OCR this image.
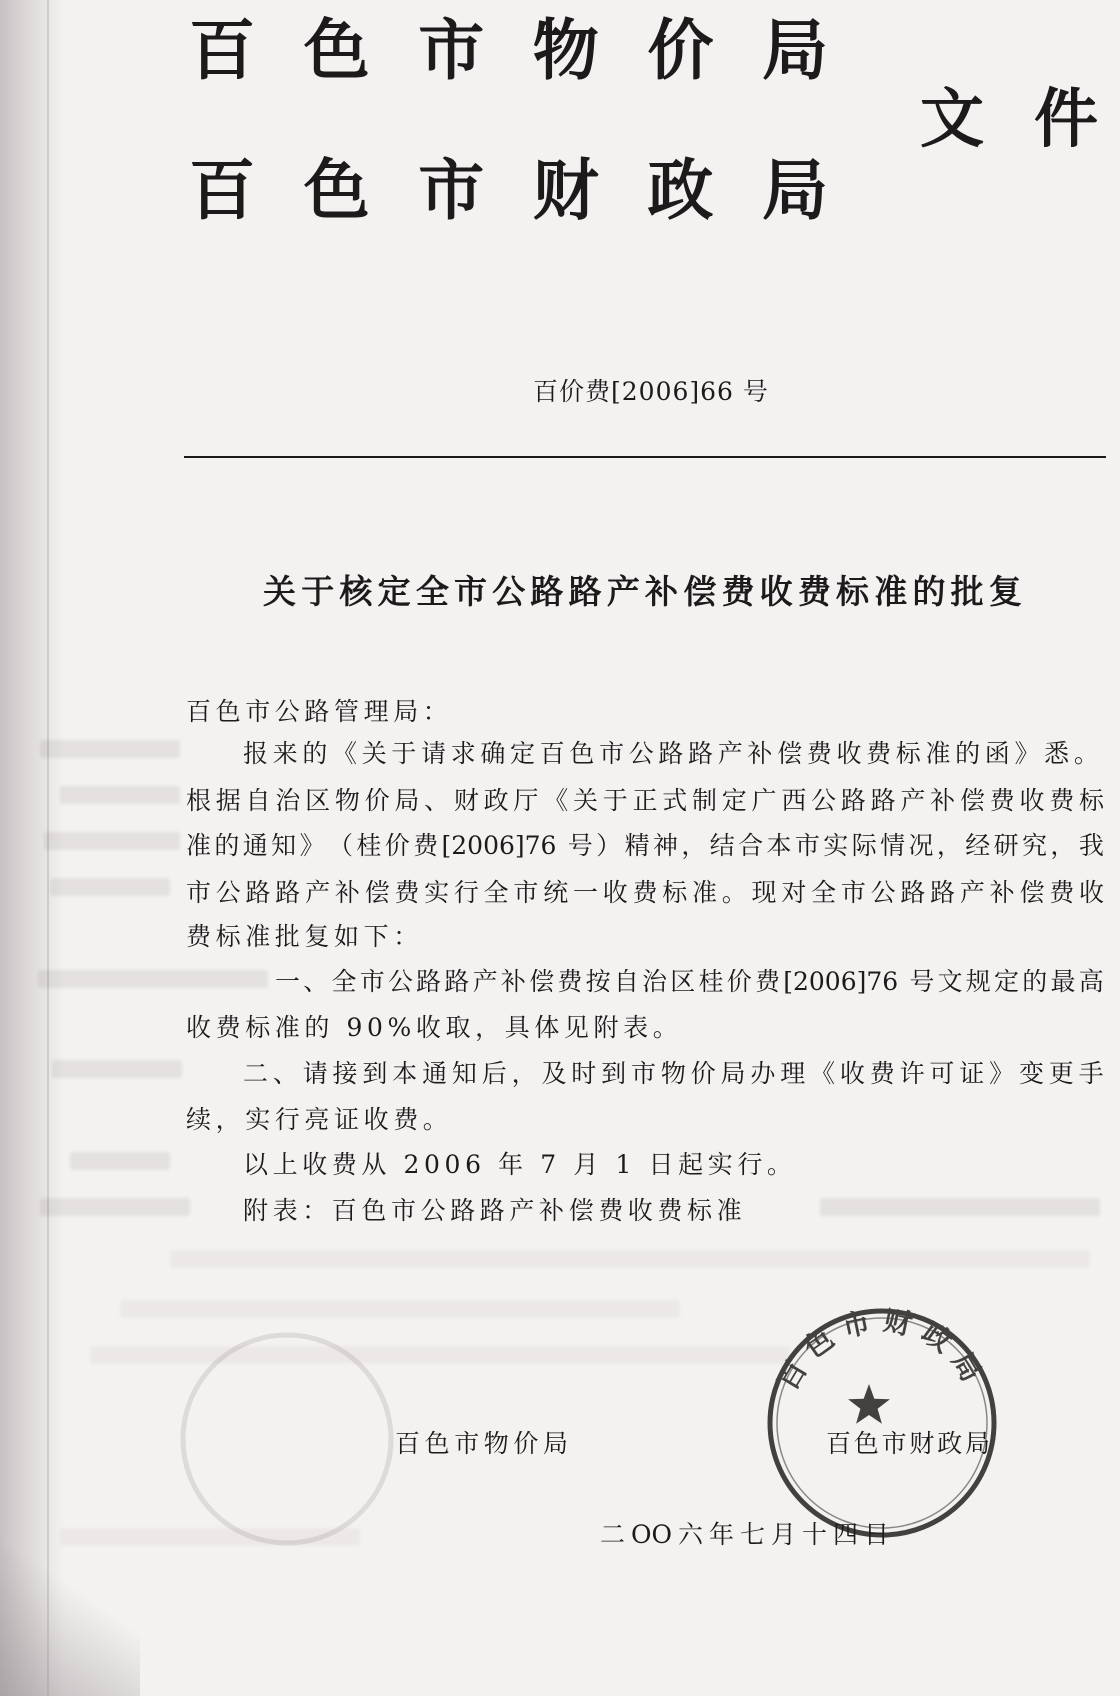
百 色 市 物 价 局
百 色 市 财 政 局
文 件
百价费[2006]66 号
关 于 核 定 全 市 公 路 路 产 补 偿 费 收 费 标 准 的 批 复
百色市公路管理局：
报 来 的 《 关 于 请 求 确 定 百 色 市 公 路 路 产 补 偿 费 收 费 标 准 的 函 》 悉 。
根 据 自 治 区 物 价 局 、 财 政 厅 《 关 于 正 式 制 定 广 西 公 路 路 产 补 偿 费 收 费 标
准 的 通 知 》 （ 桂 价 费 [2006]76 号 ） 精 神 ， 结 合 本 市 实 际 情 况 ， 经 研 究 ， 我
市 公 路 路 产 补 偿 费 实 行 全 市 统 一 收 费 标 准 。 现 对 全 市 公 路 路 产 补 偿 费 收
费标准批复如下：
一 、 全 市 公 路 路 产 补 偿 费 按 自 治 区 桂 价 费 [2006]76 号 文 规 定 的 最 高
收费标准的 90%收取，具体见附表。
二 、 请 接 到 本 通 知 后 ， 及 时 到 市 物 价 局 办 理 《 收 费 许 可 证 》 变 更 手
续，实行亮证收费。
以上收费从 2006 年 7 月 1 日起实行。
附表：百色市公路路产补偿费收费标准
百 色 市 物 价 局	百 色 市 财 政 局
百色市财政局
二 OO 六 年 七 月 十 四 日
